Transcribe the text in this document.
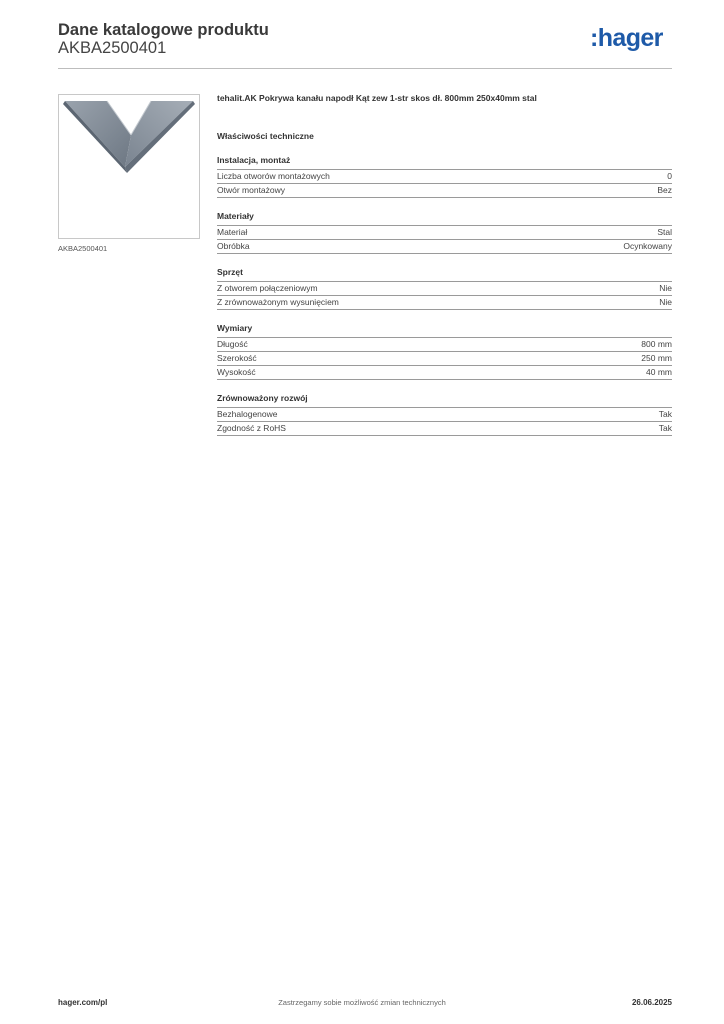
Dane katalogowe produktu
AKBA2500401	:hager
AKBA2500401
tehalit.AK Pokrywa kanału napodł Kąt zew 1-str skos dł. 800mm 250x40mm stal
Właściwości techniczne
Instalacja, montaż
Liczba otworów montażowych	0
Otwór montażowy	Bez
Materiały
Materiał	Stal
Obróbka	Ocynkowany
Sprzęt
Z otworem połączeniowym	Nie
Z zrównoważonym wysunięciem	Nie
Wymiary
Długość	800 mm
Szerokość	250 mm
Wysokość	40 mm
Zrównoważony rozwój
Bezhalogenowe	Tak
Zgodność z RoHS	Tak
hager.com/pl	Zastrzegamy sobie możliwość zmian technicznych	26.06.2025
